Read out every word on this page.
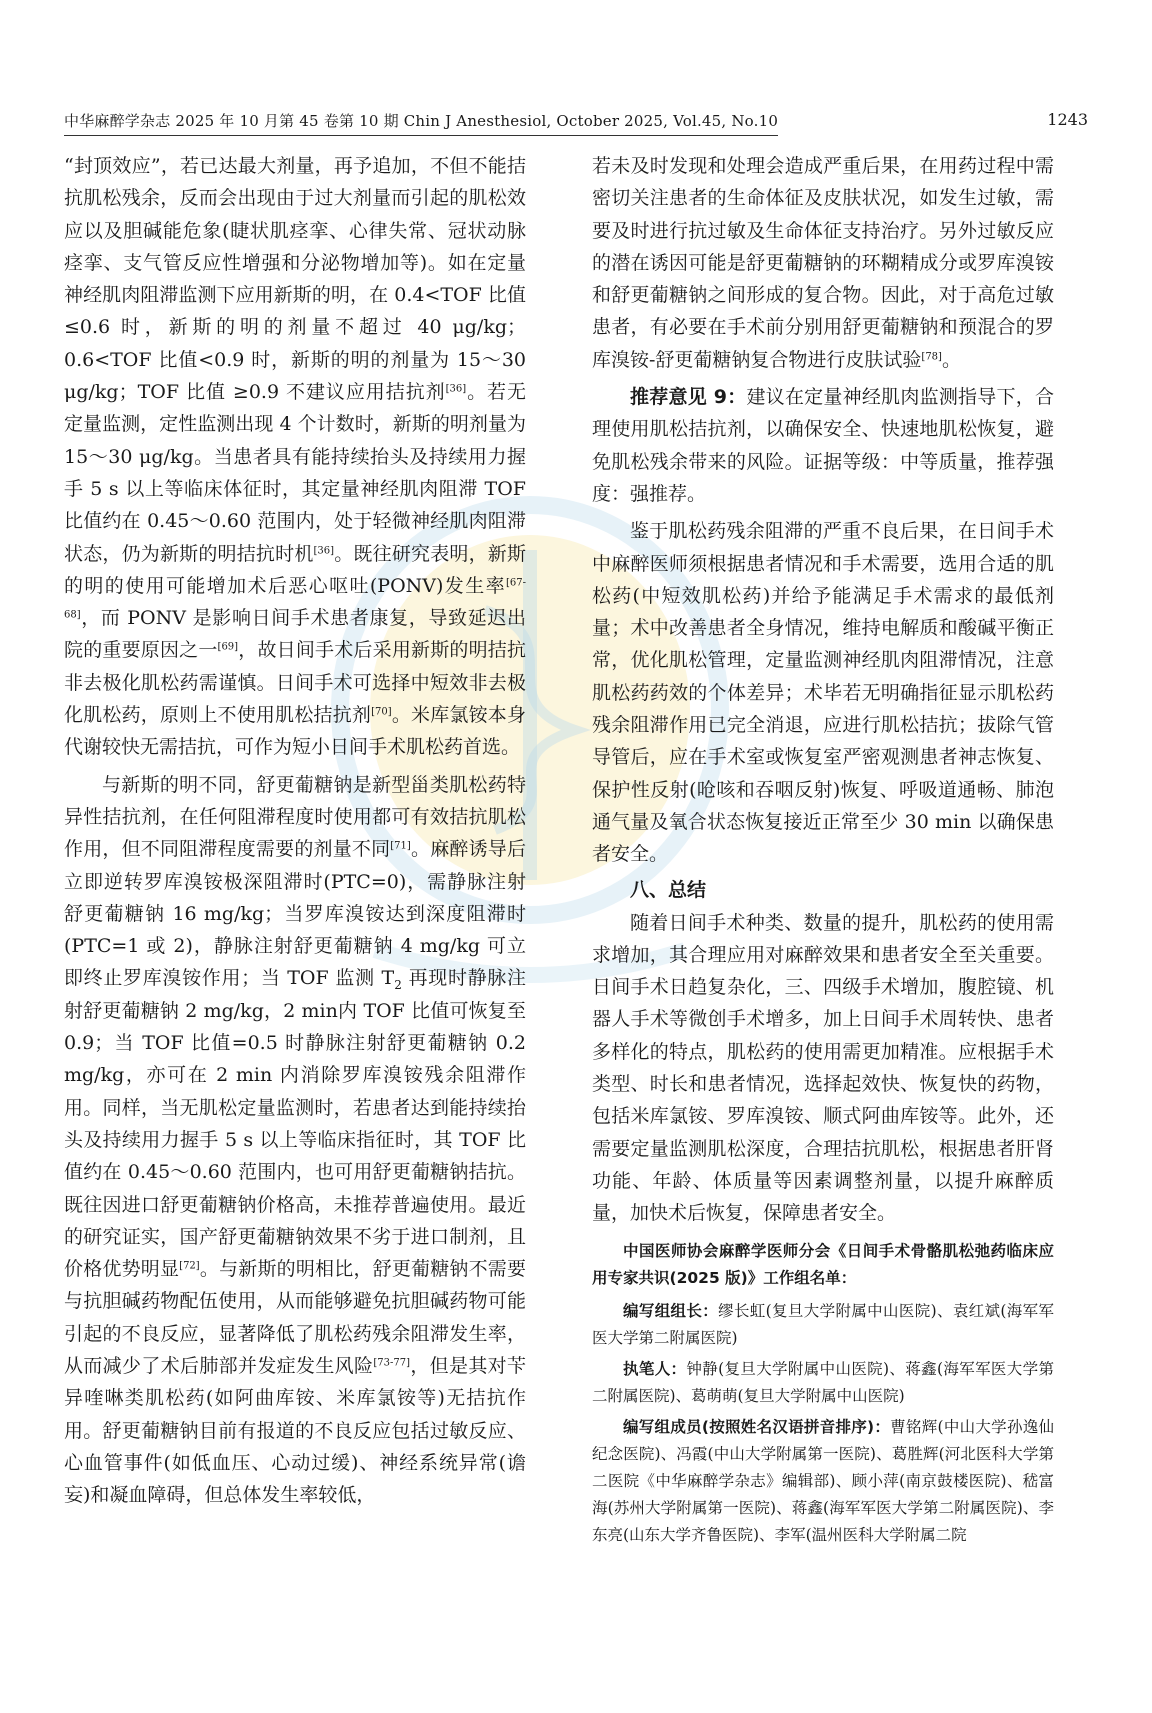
中华麻醉学杂志 2025 年 10 月第 45 卷第 10 期 Chin J Anesthesiol, October 2025, Vol.45, No.10	1243

“封顶效应”，若已达最大剂量，再予追加，不但不能拮抗肌松残余，反而会出现由于过大剂量而引起的肌松效应以及胆碱能危象(睫状肌痉挛、心律失常、冠状动脉痉挛、支气管反应性增强和分泌物增加等)。如在定量神经肌肉阻滞监测下应用新斯的明，在 0.4<TOF 比值≤0.6 时，新斯的明的剂量不超过 40 μg/kg；0.6<TOF 比值<0.9 时，新斯的明的剂量为 15～30 μg/kg；TOF 比值 ≥0.9 不建议应用拮抗剂[36]。若无定量监测，定性监测出现 4 个计数时，新斯的明剂量为 15～30 μg/kg。当患者具有能持续抬头及持续用力握手 5 s 以上等临床体征时，其定量神经肌肉阻滞 TOF 比值约在 0.45～0.60 范围内，处于轻微神经肌肉阻滞状态，仍为新斯的明拮抗时机[36]。既往研究表明，新斯的明的使用可能增加术后恶心呕吐(PONV)发生率[67-68]，而 PONV 是影响日间手术患者康复，导致延迟出院的重要原因之一[69]，故日间手术后采用新斯的明拮抗非去极化肌松药需谨慎。日间手术可选择中短效非去极化肌松药，原则上不使用肌松拮抗剂[70]。米库氯铵本身代谢较快无需拮抗，可作为短小日间手术肌松药首选。

与新斯的明不同，舒更葡糖钠是新型甾类肌松药特异性拮抗剂，在任何阻滞程度时使用都可有效拮抗肌松作用，但不同阻滞程度需要的剂量不同[71]。麻醉诱导后立即逆转罗库溴铵极深阻滞时(PTC=0)，需静脉注射舒更葡糖钠 16 mg/kg；当罗库溴铵达到深度阻滞时(PTC=1 或 2)，静脉注射舒更葡糖钠 4 mg/kg 可立即终止罗库溴铵作用；当 TOF 监测 $T_2$ 再现时静脉注射舒更葡糖钠 2 mg/kg，2 min内 TOF 比值可恢复至 0.9；当 TOF 比值=0.5 时静脉注射舒更葡糖钠 0.2 mg/kg，亦可在 2 min 内消除罗库溴铵残余阻滞作用。同样，当无肌松定量监测时，若患者达到能持续抬头及持续用力握手 5 s 以上等临床指征时，其 TOF 比值约在 0.45～0.60 范围内，也可用舒更葡糖钠拮抗。既往因进口舒更葡糖钠价格高，未推荐普遍使用。最近的研究证实，国产舒更葡糖钠效果不劣于进口制剂，且价格优势明显[72]。与新斯的明相比，舒更葡糖钠不需要与抗胆碱药物配伍使用，从而能够避免抗胆碱药物可能引起的不良反应，显著降低了肌松药残余阻滞发生率，从而减少了术后肺部并发症发生风险[73-77]，但是其对苄异喹啉类肌松药(如阿曲库铵、米库氯铵等)无拮抗作用。舒更葡糖钠目前有报道的不良反应包括过敏反应、心血管事件(如低血压、心动过缓)、神经系统异常(谵妄)和凝血障碍，但总体发生率较低，

若未及时发现和处理会造成严重后果，在用药过程中需密切关注患者的生命体征及皮肤状况，如发生过敏，需要及时进行抗过敏及生命体征支持治疗。另外过敏反应的潜在诱因可能是舒更葡糖钠的环糊精成分或罗库溴铵和舒更葡糖钠之间形成的复合物。因此，对于高危过敏患者，有必要在手术前分别用舒更葡糖钠和预混合的罗库溴铵-舒更葡糖钠复合物进行皮肤试验[78]。

推荐意见 9：建议在定量神经肌肉监测指导下，合理使用肌松拮抗剂，以确保安全、快速地肌松恢复，避免肌松残余带来的风险。证据等级：中等质量，推荐强度：强推荐。

鉴于肌松药残余阻滞的严重不良后果，在日间手术中麻醉医师须根据患者情况和手术需要，选用合适的肌松药(中短效肌松药)并给予能满足手术需求的最低剂量；术中改善患者全身情况，维持电解质和酸碱平衡正常，优化肌松管理，定量监测神经肌肉阻滞情况，注意肌松药药效的个体差异；术毕若无明确指征显示肌松药残余阻滞作用已完全消退，应进行肌松拮抗；拔除气管导管后，应在手术室或恢复室严密观测患者神志恢复、保护性反射(呛咳和吞咽反射)恢复、呼吸道通畅、肺泡通气量及氧合状态恢复接近正常至少 30 min 以确保患者安全。

八、总结

随着日间手术种类、数量的提升，肌松药的使用需求增加，其合理应用对麻醉效果和患者安全至关重要。日间手术日趋复杂化，三、四级手术增加，腹腔镜、机器人手术等微创手术增多，加上日间手术周转快、患者多样化的特点，肌松药的使用需更加精准。应根据手术类型、时长和患者情况，选择起效快、恢复快的药物，包括米库氯铵、罗库溴铵、顺式阿曲库铵等。此外，还需要定量监测肌松深度，合理拮抗肌松，根据患者肝肾功能、年龄、体质量等因素调整剂量，以提升麻醉质量，加快术后恢复，保障患者安全。

中国医师协会麻醉学医师分会《日间手术骨骼肌松弛药临床应用专家共识(2025 版)》工作组名单：
编写组组长：缪长虹(复旦大学附属中山医院)、袁红斌(海军军医大学第二附属医院)
执笔人：钟静(复旦大学附属中山医院)、蒋鑫(海军军医大学第二附属医院)、葛萌萌(复旦大学附属中山医院)
编写组成员(按照姓名汉语拼音排序)：曹铭辉(中山大学孙逸仙纪念医院)、冯霞(中山大学附属第一医院)、葛胜辉(河北医科大学第二医院《中华麻醉学杂志》编辑部)、顾小萍(南京鼓楼医院)、嵇富海(苏州大学附属第一医院)、蒋鑫(海军军医大学第二附属医院)、李东亮(山东大学齐鲁医院)、李军(温州医科大学附属二院
